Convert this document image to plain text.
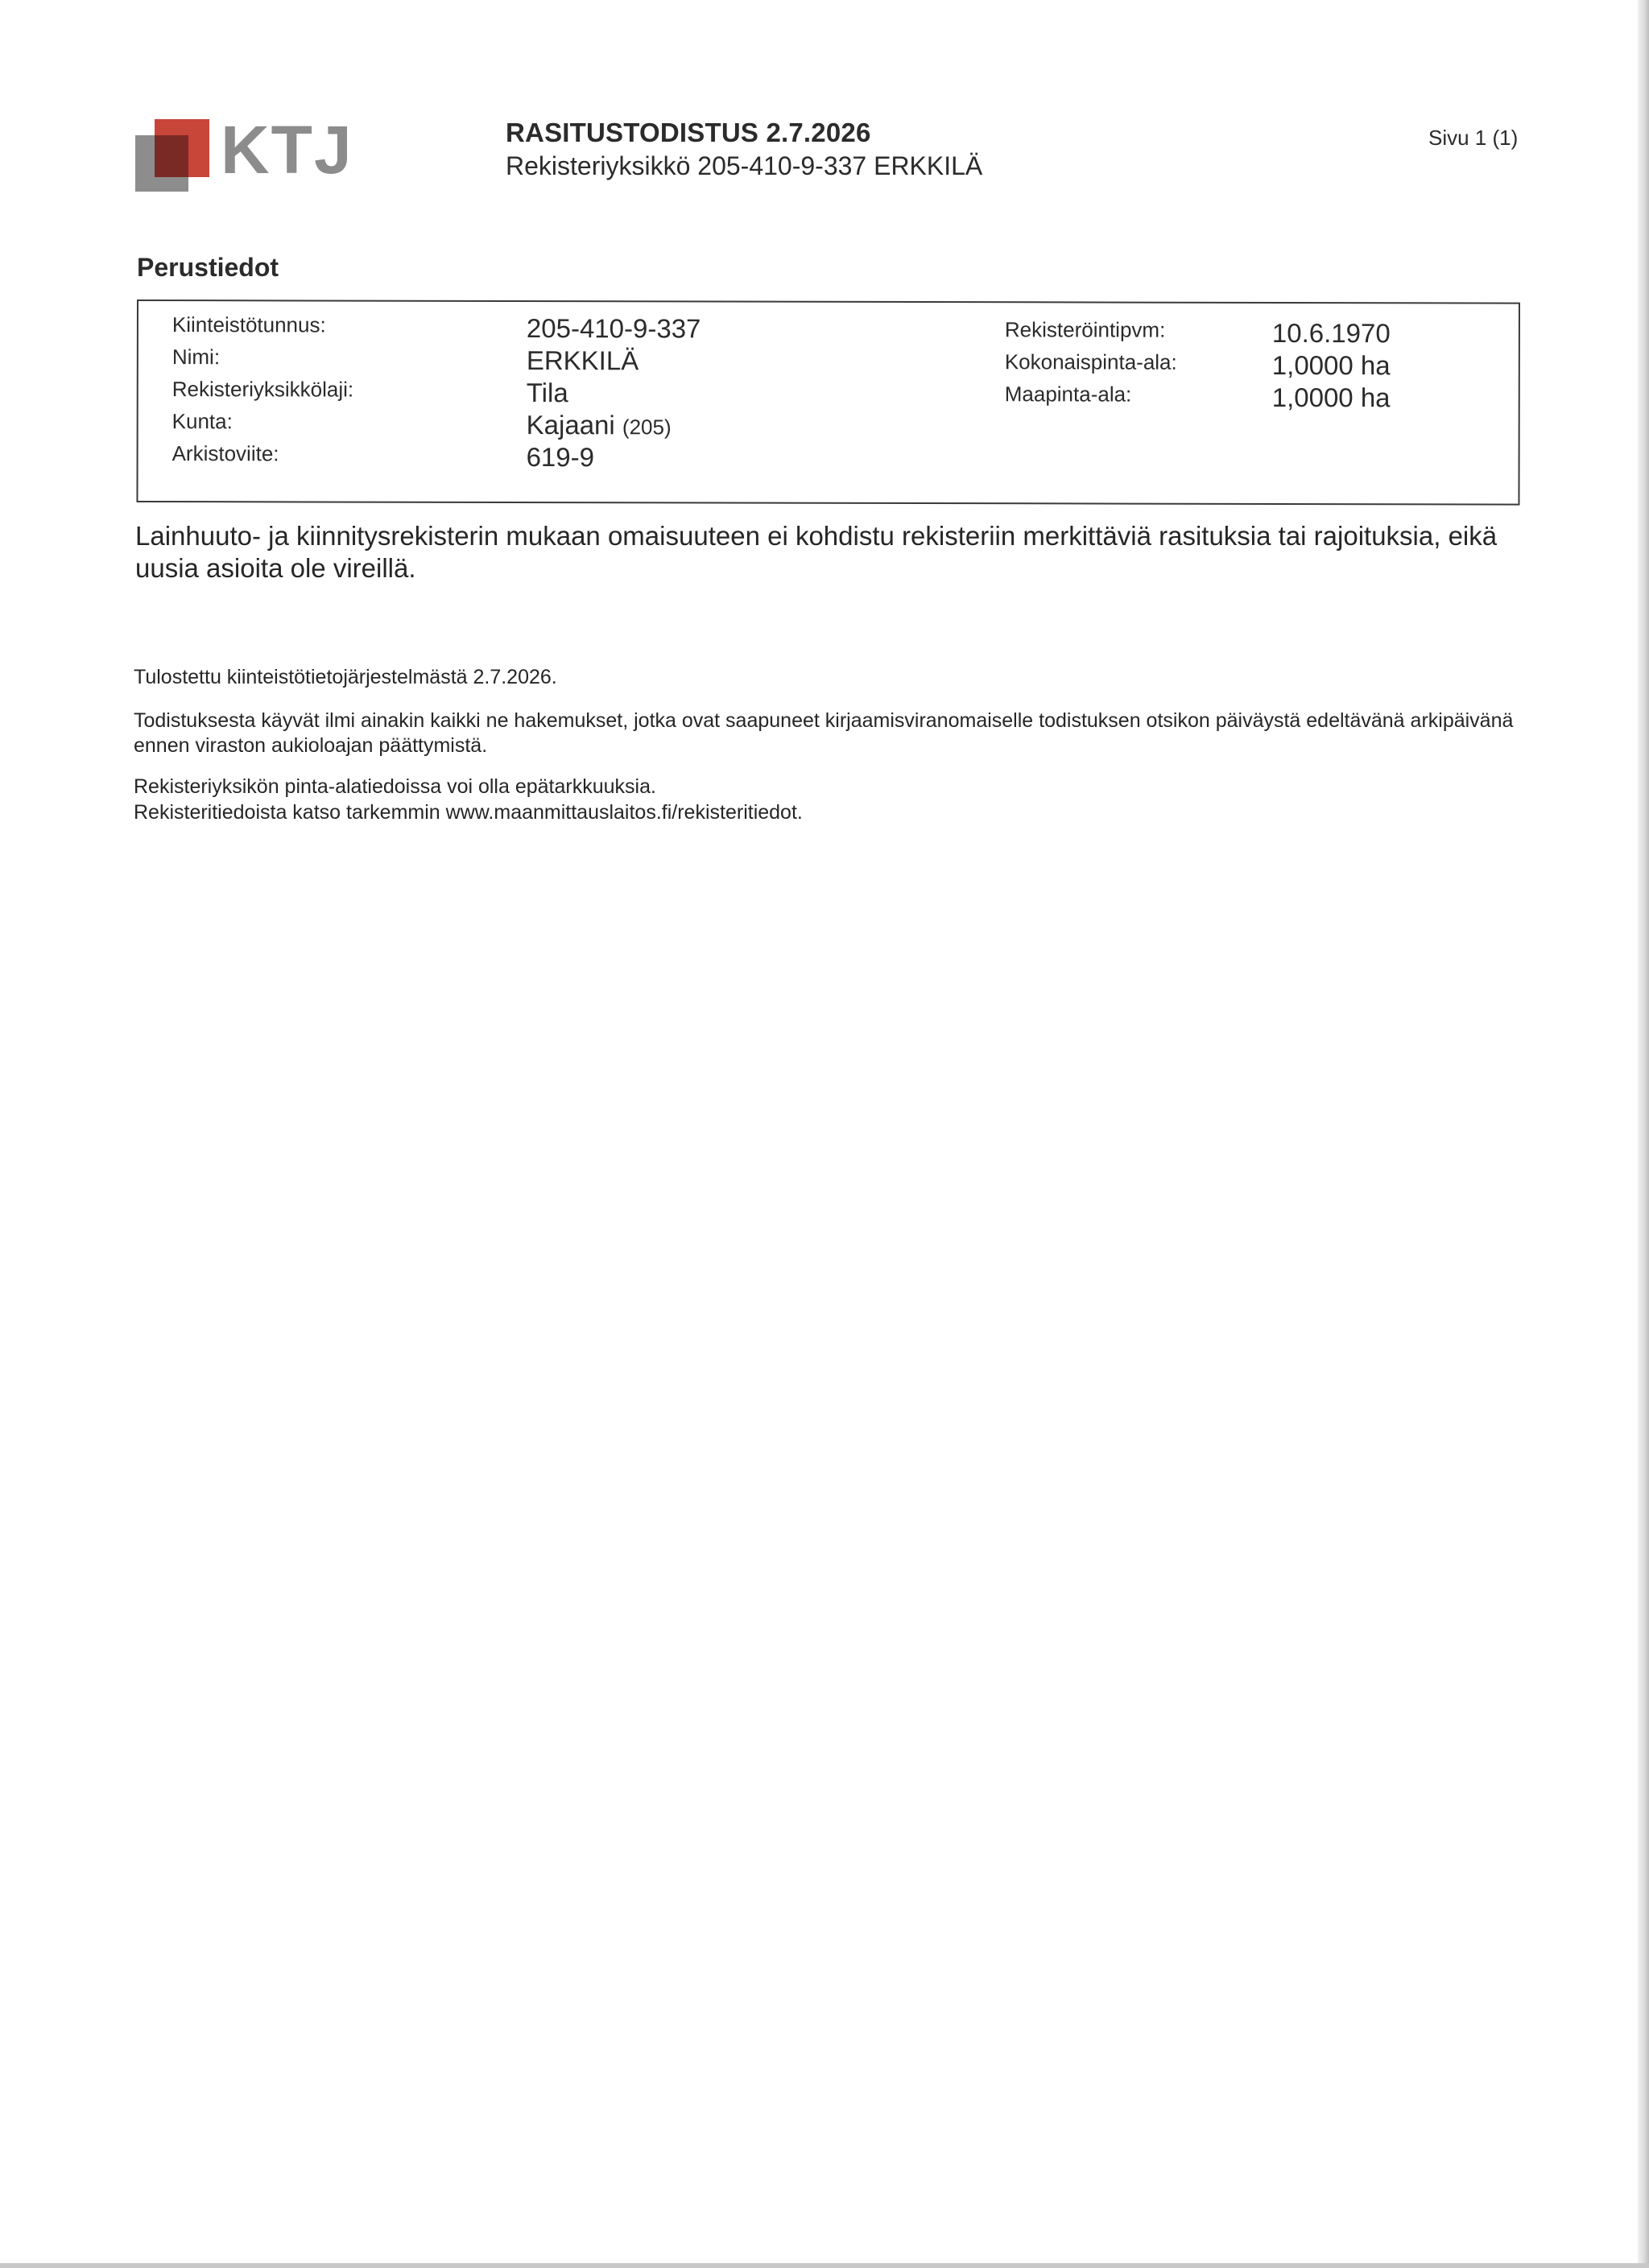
KTJ	RASITUSTODISTUS 2.7.2026
Rekisteriyksikkö 205-410-9-337 ERKKILÄ
Sivu 1 (1)
Perustiedot
Kiinteistötunnus:
Nimi:
Rekisteriyksikkölaji:
Kunta:
Arkistoviite:
205-410-9-337
ERKKILÄ
Tila
Kajaani (205)
619-9
Rekisteröintipvm:
Kokonaispinta-ala:
Maapinta-ala:
10.6.1970
1,0000 ha
1,0000 ha
Lainhuuto- ja kiinnitysrekisterin mukaan omaisuuteen ei kohdistu rekisteriin merkittäviä rasituksia tai rajoituksia, eikä uusia asioita ole vireillä.
Tulostettu kiinteistötietojärjestelmästä 2.7.2026.
Todistuksesta käyvät ilmi ainakin kaikki ne hakemukset, jotka ovat saapuneet kirjaamisviranomaiselle todistuksen otsikon päiväystä edeltävänä arkipäivänä ennen viraston aukioloajan päättymistä.
Rekisteriyksikön pinta-alatiedoissa voi olla epätarkkuuksia.
Rekisteritiedoista katso tarkemmin www.maanmittauslaitos.fi/rekisteritiedot.
